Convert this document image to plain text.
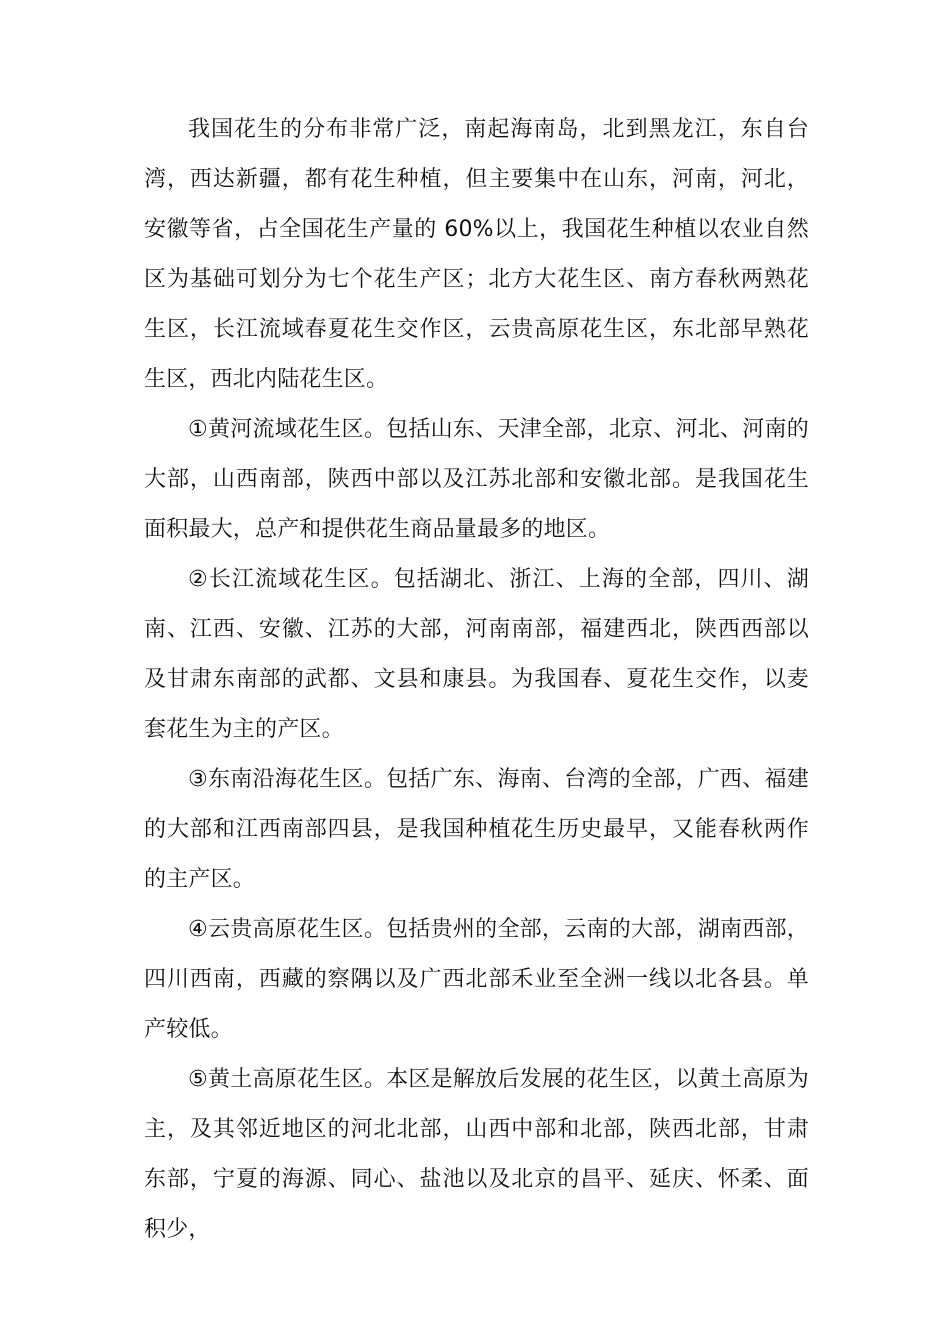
我国花生的分布非常广泛，南起海南岛，北到黑龙江，东自台湾，西达新疆，都有花生种植，但主要集中在山东，河南，河北，安徽等省，占全国花生产量的 60%以上，我国花生种植以农业自然区为基础可划分为七个花生产区；北方大花生区、南方春秋两熟花生区，长江流域春夏花生交作区，云贵高原花生区，东北部早熟花生区，西北内陆花生区。

①黄河流域花生区。包括山东、天津全部，北京、河北、河南的大部，山西南部，陕西中部以及江苏北部和安徽北部。是我国花生面积最大，总产和提供花生商品量最多的地区。

②长江流域花生区。包括湖北、浙江、上海的全部，四川、湖南、江西、安徽、江苏的大部，河南南部，福建西北，陕西西部以及甘肃东南部的武都、文县和康县。为我国春、夏花生交作，以麦套花生为主的产区。

③东南沿海花生区。包括广东、海南、台湾的全部，广西、福建的大部和江西南部四县，是我国种植花生历史最早，又能春秋两作的主产区。

④云贵高原花生区。包括贵州的全部，云南的大部，湖南西部，四川西南，西藏的察隅以及广西北部禾业至全洲一线以北各县。单产较低。

⑤黄土高原花生区。本区是解放后发展的花生区，以黄土高原为主，及其邻近地区的河北北部，山西中部和北部，陕西北部，甘肃东部，宁夏的海源、同心、盐池以及北京的昌平、延庆、怀柔、面积少，
